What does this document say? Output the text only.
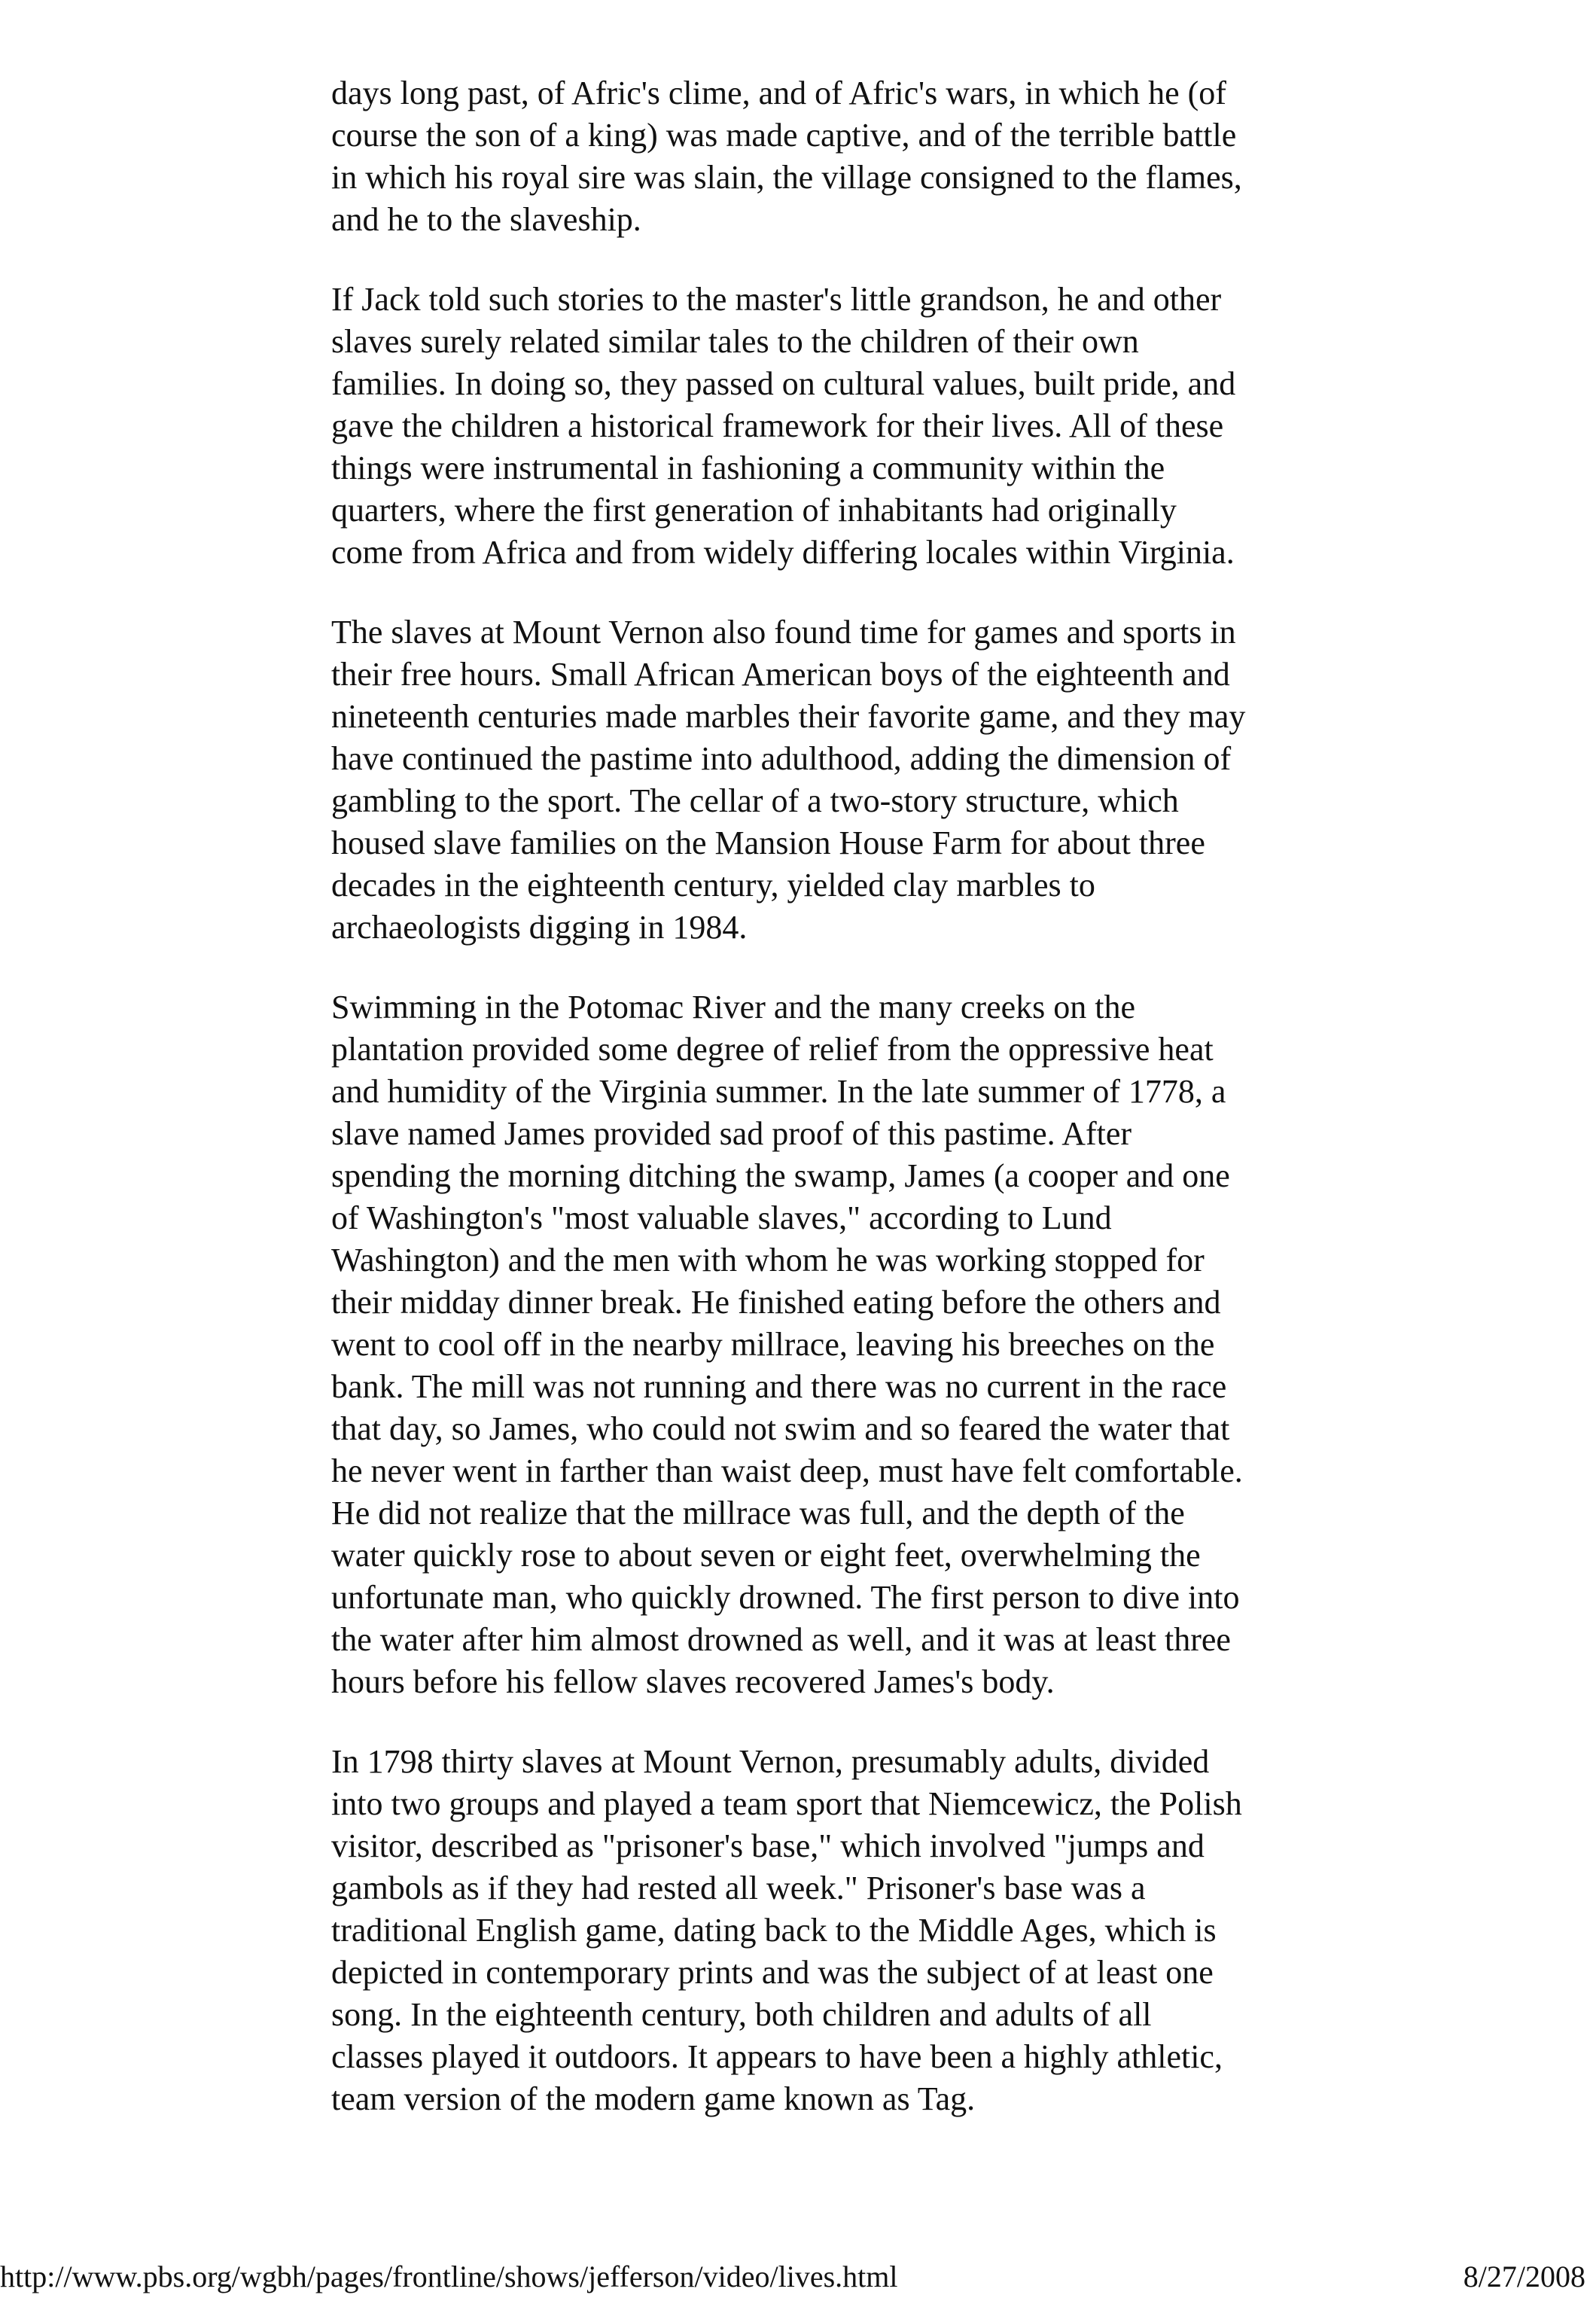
days long past, of Afric's clime, and of Afric's wars, in which he (of
course the son of a king) was made captive, and of the terrible battle
in which his royal sire was slain, the village consigned to the flames,
and he to the slaveship.

If Jack told such stories to the master's little grandson, he and other
slaves surely related similar tales to the children of their own
families. In doing so, they passed on cultural values, built pride, and
gave the children a historical framework for their lives. All of these
things were instrumental in fashioning a community within the
quarters, where the first generation of inhabitants had originally
come from Africa and from widely differing locales within Virginia.

The slaves at Mount Vernon also found time for games and sports in
their free hours. Small African American boys of the eighteenth and
nineteenth centuries made marbles their favorite game, and they may
have continued the pastime into adulthood, adding the dimension of
gambling to the sport. The cellar of a two-story structure, which
housed slave families on the Mansion House Farm for about three
decades in the eighteenth century, yielded clay marbles to
archaeologists digging in 1984.

Swimming in the Potomac River and the many creeks on the
plantation provided some degree of relief from the oppressive heat
and humidity of the Virginia summer. In the late summer of 1778, a
slave named James provided sad proof of this pastime. After
spending the morning ditching the swamp, James (a cooper and one
of Washington's "most valuable slaves," according to Lund
Washington) and the men with whom he was working stopped for
their midday dinner break. He finished eating before the others and
went to cool off in the nearby millrace, leaving his breeches on the
bank. The mill was not running and there was no current in the race
that day, so James, who could not swim and so feared the water that
he never went in farther than waist deep, must have felt comfortable.
He did not realize that the millrace was full, and the depth of the
water quickly rose to about seven or eight feet, overwhelming the
unfortunate man, who quickly drowned. The first person to dive into
the water after him almost drowned as well, and it was at least three
hours before his fellow slaves recovered James's body.

In 1798 thirty slaves at Mount Vernon, presumably adults, divided
into two groups and played a team sport that Niemcewicz, the Polish
visitor, described as "prisoner's base," which involved "jumps and
gambols as if they had rested all week." Prisoner's base was a
traditional English game, dating back to the Middle Ages, which is
depicted in contemporary prints and was the subject of at least one
song. In the eighteenth century, both children and adults of all
classes played it outdoors. It appears to have been a highly athletic,
team version of the modern game known as Tag.

http://www.pbs.org/wgbh/pages/frontline/shows/jefferson/video/lives.html	8/27/2008
